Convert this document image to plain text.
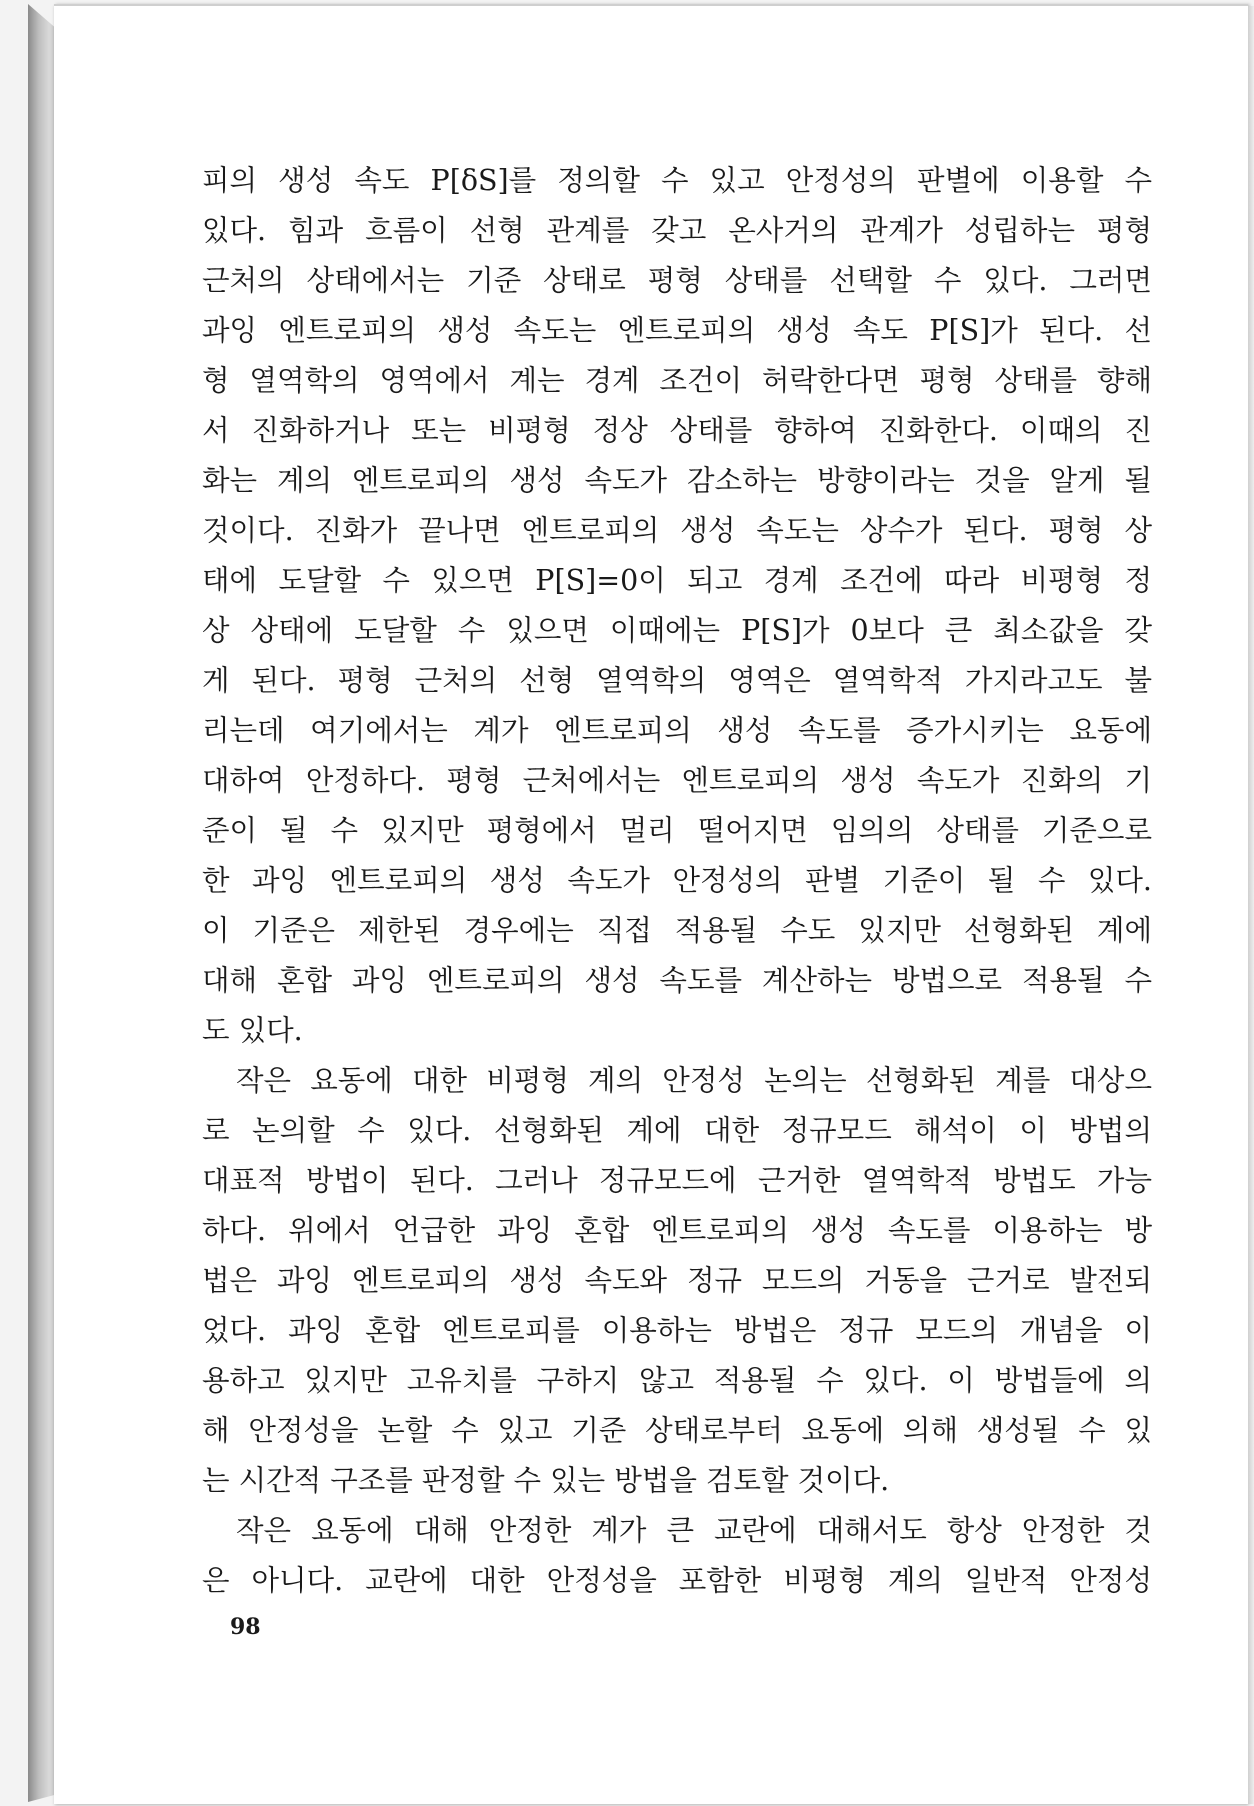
피의 생성 속도 P[δS]를 정의할 수 있고 안정성의 판별에 이용할 수
있다. 힘과 흐름이 선형 관계를 갖고 온사거의 관계가 성립하는 평형
근처의 상태에서는 기준 상태로 평형 상태를 선택할 수 있다. 그러면
과잉 엔트로피의 생성 속도는 엔트로피의 생성 속도 P[S]가 된다. 선
형 열역학의 영역에서 계는 경계 조건이 허락한다면 평형 상태를 향해
서 진화하거나 또는 비평형 정상 상태를 향하여 진화한다. 이때의 진
화는 계의 엔트로피의 생성 속도가 감소하는 방향이라는 것을 알게 될
것이다. 진화가 끝나면 엔트로피의 생성 속도는 상수가 된다. 평형 상
태에 도달할 수 있으면 P[S]=0이 되고 경계 조건에 따라 비평형 정
상 상태에 도달할 수 있으면 이때에는 P[S]가 0보다 큰 최소값을 갖
게 된다. 평형 근처의 선형 열역학의 영역은 열역학적 가지라고도 불
리는데 여기에서는 계가 엔트로피의 생성 속도를 증가시키는 요동에
대하여 안정하다. 평형 근처에서는 엔트로피의 생성 속도가 진화의 기
준이 될 수 있지만 평형에서 멀리 떨어지면 임의의 상태를 기준으로
한 과잉 엔트로피의 생성 속도가 안정성의 판별 기준이 될 수 있다.
이 기준은 제한된 경우에는 직접 적용될 수도 있지만 선형화된 계에
대해 혼합 과잉 엔트로피의 생성 속도를 계산하는 방법으로 적용될 수
도 있다.
작은 요동에 대한 비평형 계의 안정성 논의는 선형화된 계를 대상으
로 논의할 수 있다. 선형화된 계에 대한 정규모드 해석이 이 방법의
대표적 방법이 된다. 그러나 정규모드에 근거한 열역학적 방법도 가능
하다. 위에서 언급한 과잉 혼합 엔트로피의 생성 속도를 이용하는 방
법은 과잉 엔트로피의 생성 속도와 정규 모드의 거동을 근거로 발전되
었다. 과잉 혼합 엔트로피를 이용하는 방법은 정규 모드의 개념을 이
용하고 있지만 고유치를 구하지 않고 적용될 수 있다. 이 방법들에 의
해 안정성을 논할 수 있고 기준 상태로부터 요동에 의해 생성될 수 있
는 시간적 구조를 판정할 수 있는 방법을 검토할 것이다.
작은 요동에 대해 안정한 계가 큰 교란에 대해서도 항상 안정한 것
은 아니다. 교란에 대한 안정성을 포함한 비평형 계의 일반적 안정성
98
